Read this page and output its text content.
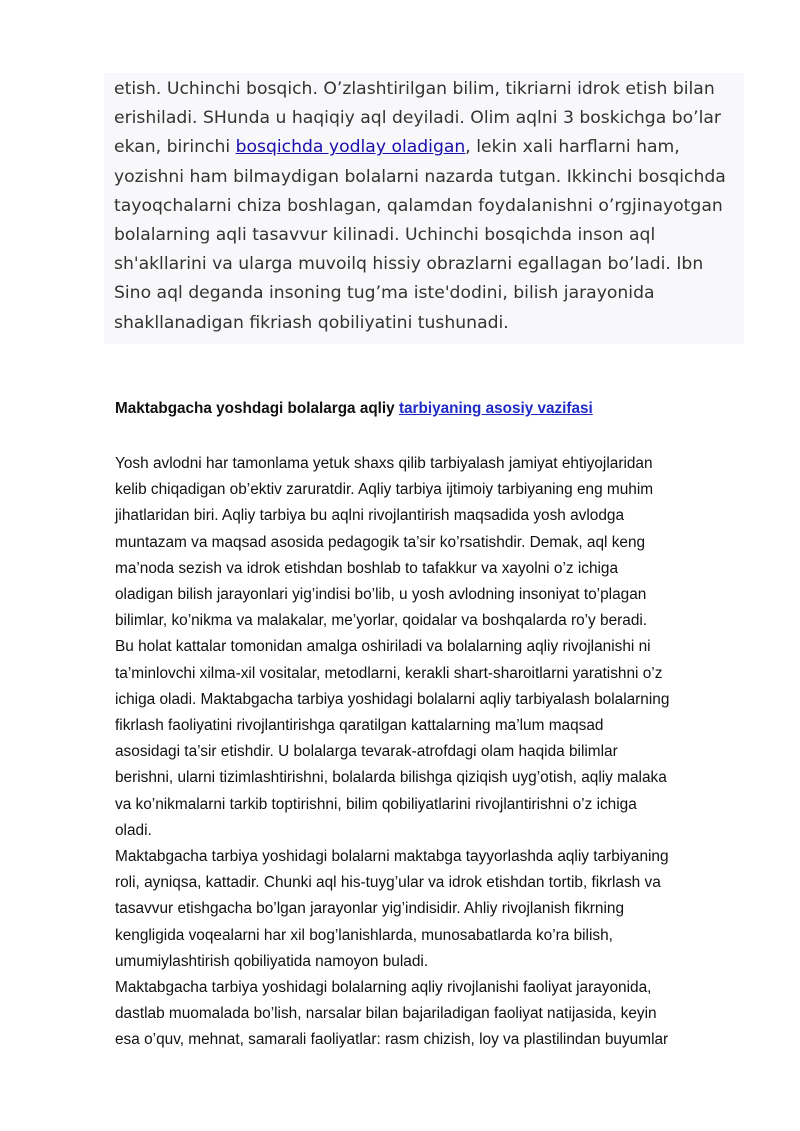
etish. Uchinchi bosqich. O’zlashtirilgan bilim, tikriarni idrok etish bilan
erishiladi. SHunda u haqiqiy aql deyiladi. Olim aqlni 3 boskichga bo’lar
ekan, birinchi bosqichda yodlay oladigan, lekin xali harflarni ham,
yozishni ham bilmaydigan bolalarni nazarda tutgan. Ikkinchi bosqichda
tayoqchalarni chiza boshlagan, qalamdan foydalanishni o’rgjinayotgan
bolalarning aqli tasavvur kilinadi. Uchinchi bosqichda inson aql
sh'akllarini va ularga muvoilq hissiy obrazlarni egallagan bo’ladi. Ibn
Sino aql deganda insoning tug’ma iste'dodini, bilish jarayonida
shakllanadigan fikriash qobiliyatini tushunadi.
Maktabgacha yoshdagi bolalarga aqliy tarbiyaning asosiy vazifasi
Yosh avlodni har tamonlama yetuk shaxs qilib tarbiyalash jamiyat ehtiyojlaridan
kelib chiqadigan ob’ektiv zaruratdir. Aqliy tarbiya ijtimoiy tarbiyaning eng muhim
jihatlaridan biri. Aqliy tarbiya bu aqlni rivojlantirish maqsadida yosh avlodga
muntazam va maqsad asosida pedagogik ta’sir ko’rsatishdir. Demak, aql keng
ma’noda sezish va idrok etishdan boshlab to tafakkur va xayolni o’z ichiga
oladigan bilish jarayonlari yig’indisi bo’lib, u yosh avlodning insoniyat to’plagan
bilimlar, ko’nikma va malakalar, me’yorlar, qoidalar va boshqalarda ro’y beradi.
Bu holat kattalar tomonidan amalga oshiriladi va bolalarning aqliy rivojlanishi ni
ta’minlovchi xilma-xil vositalar, metodlarni, kerakli shart-sharoitlarni yaratishni o’z
ichiga oladi. Maktabgacha tarbiya yoshidagi bolalarni aqliy tarbiyalash bolalarning
fikrlash faoliyatini rivojlantirishga qaratilgan kattalarning ma’lum maqsad
asosidagi ta’sir etishdir. U bolalarga tevarak-atrofdagi olam haqida bilimlar
berishni, ularni tizimlashtirishni, bolalarda bilishga qiziqish uyg’otish, aqliy malaka
va ko’nikmalarni tarkib toptirishni, bilim qobiliyatlarini rivojlantirishni o’z ichiga
oladi.
Maktabgacha tarbiya yoshidagi bolalarni maktabga tayyorlashda aqliy tarbiyaning
roli, ayniqsa, kattadir. Chunki aql his-tuyg’ular va idrok etishdan tortib, fikrlash va
tasavvur etishgacha bo’lgan jarayonlar yig’indisidir. Ahliy rivojlanish fikrning
kengligida voqealarni har xil bog’lanishlarda, munosabatlarda ko’ra bilish,
umumiylashtirish qobiliyatida namoyon buladi.
Maktabgacha tarbiya yoshidagi bolalarning aqliy rivojlanishi faoliyat jarayonida,
dastlab muomalada bo’lish, narsalar bilan bajariladigan faoliyat natijasida, keyin
esa o’quv, mehnat, samarali faoliyatlar: rasm chizish, loy va plastilindan buyumlar
